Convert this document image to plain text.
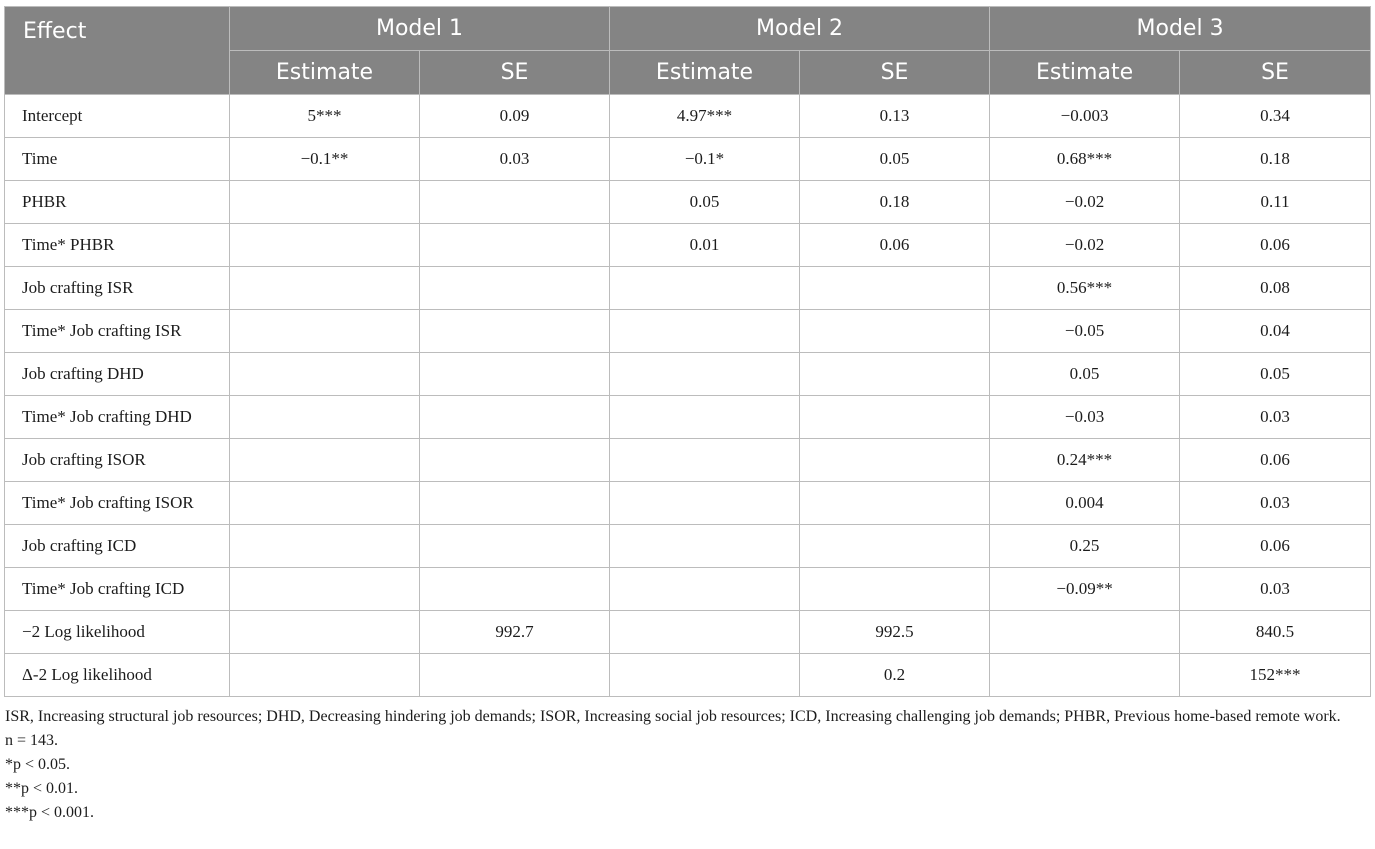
Effect	Model 1		Model 2		Model 3	
	Estimate	SE	Estimate	SE	Estimate	SE
Intercept	5***	0.09	4.97***	0.13	−0.003	0.34
Time	−0.1**	0.03	−0.1*	0.05	0.68***	0.18
PHBR			0.05	0.18	−0.02	0.11
Time* PHBR			0.01	0.06	−0.02	0.06
Job crafting ISR					0.56***	0.08
Time* Job crafting ISR					−0.05	0.04
Job crafting DHD					0.05	0.05
Time* Job crafting DHD					−0.03	0.03
Job crafting ISOR					0.24***	0.06
Time* Job crafting ISOR					0.004	0.03
Job crafting ICD					0.25	0.06
Time* Job crafting ICD					−0.09**	0.03
−2 Log likelihood		992.7		992.5		840.5
Δ-2 Log likelihood				0.2		152***

ISR, Increasing structural job resources; DHD, Decreasing hindering job demands; ISOR, Increasing social job resources; ICD, Increasing challenging job demands; PHBR, Previous home-based remote work.

n = 143.

*p < 0.05.

**p < 0.01.

***p < 0.001.
